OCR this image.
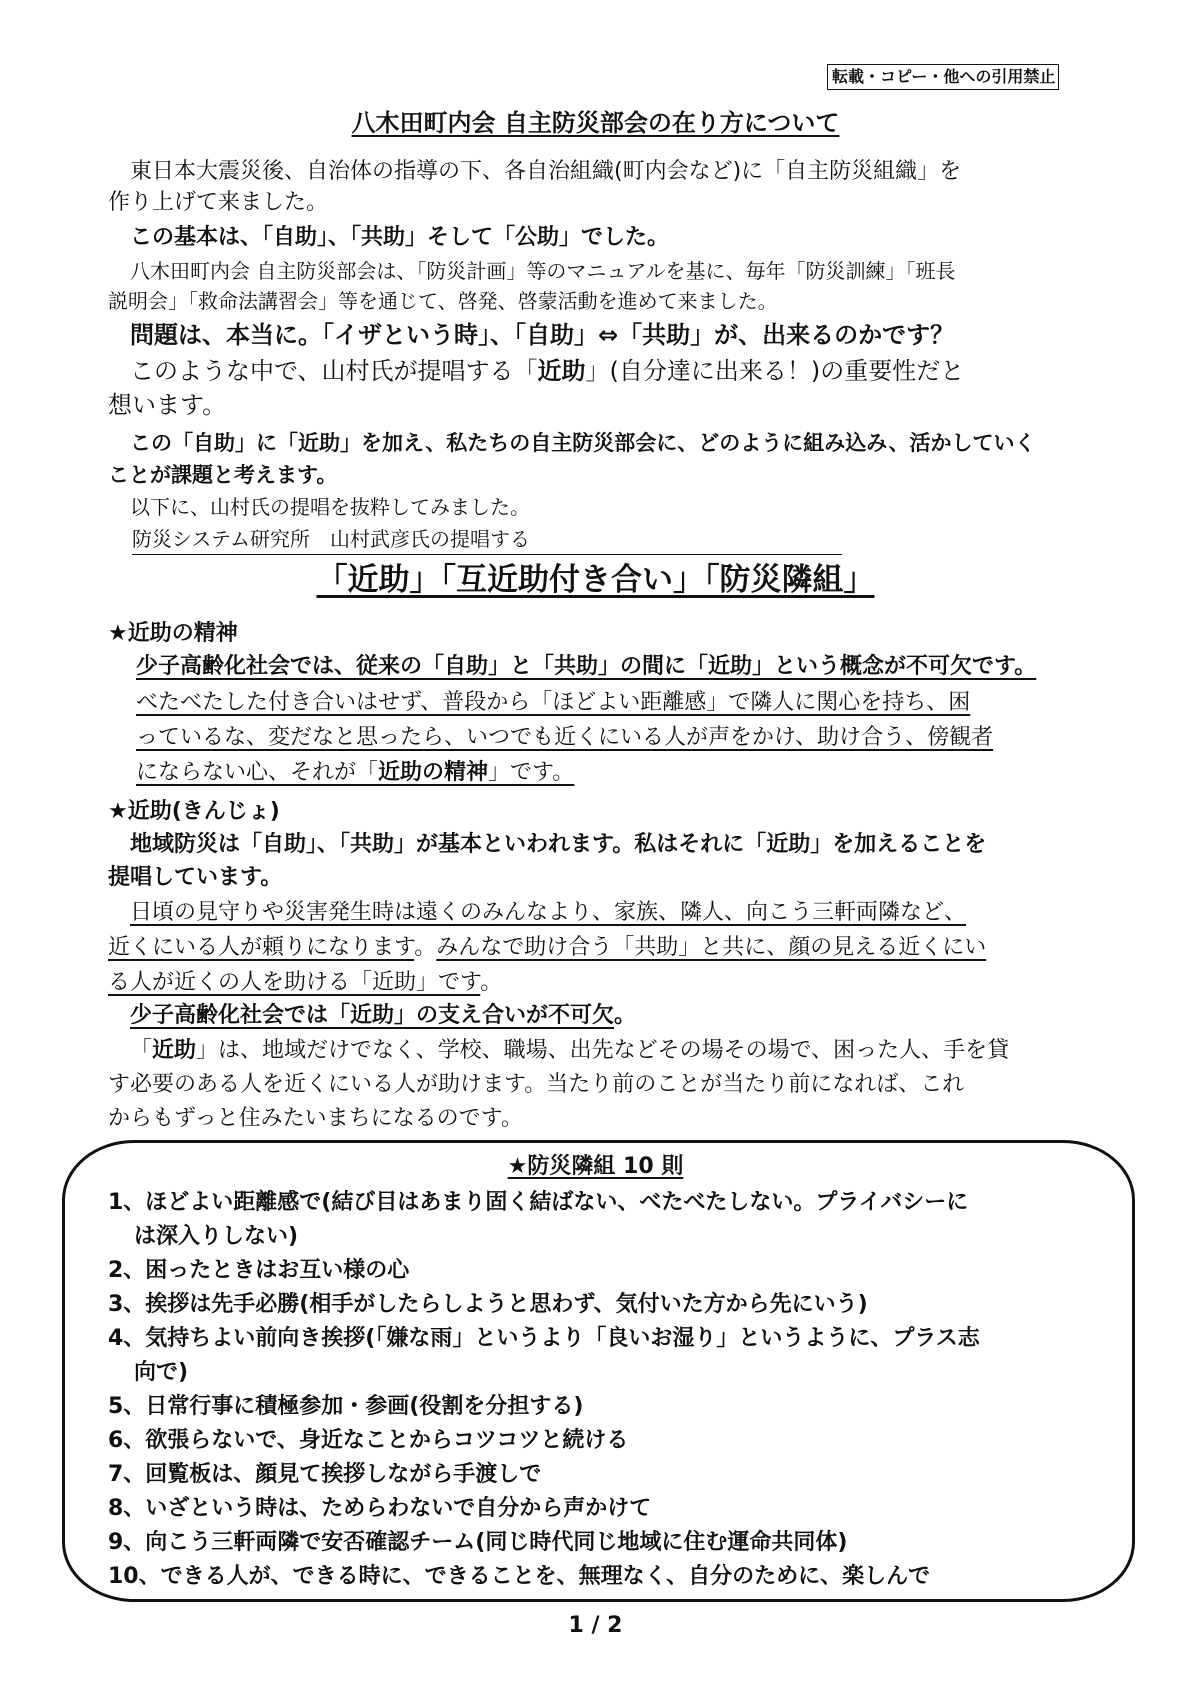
転載・コピー・他への引用禁止
八木田町内会 自主防災部会の在り方について
東日本大震災後、自治体の指導の下、各自治組織(町内会など)に「自主防災組織」を
作り上げて来ました。
この基本は、「自助」、「共助」そして「公助」でした。
八木田町内会 自主防災部会は、「防災計画」等のマニュアルを基に、毎年「防災訓練」「班長
説明会」「救命法講習会」等を通じて、啓発、啓蒙活動を進めて来ました。
問題は、本当に。「イザという時」、「自助」⇔「共助」が、出来るのかです？
このような中で、山村氏が提唱する「近助」(自分達に出来る！)の重要性だと
想います。
この「自助」に「近助」を加え、私たちの自主防災部会に、どのように組み込み、活かしていく
ことが課題と考えます。
以下に、山村氏の提唱を抜粋してみました。
防災システム研究所　山村武彦氏の提唱する
「近助」「互近助付き合い」「防災隣組」
★近助の精神
少子高齢化社会では、従来の「自助」と「共助」の間に「近助」という概念が不可欠です。
べたべたした付き合いはせず、普段から「ほどよい距離感」で隣人に関心を持ち、困
っているな、変だなと思ったら、いつでも近くにいる人が声をかけ、助け合う、傍観者
にならない心、それが「近助の精神」です。
★近助(きんじょ)
地域防災は「自助」、「共助」が基本といわれます。私はそれに「近助」を加えることを
提唱しています。
日頃の見守りや災害発生時は遠くのみんなより、家族、隣人、向こう三軒両隣など、
近くにいる人が頼りになります。みんなで助け合う「共助」と共に、顔の見える近くにい
る人が近くの人を助ける「近助」です。
少子高齢化社会では「近助」の支え合いが不可欠。
「近助」は、地域だけでなく、学校、職場、出先などその場その場で、困った人、手を貸
す必要のある人を近くにいる人が助けます。当たり前のことが当たり前になれば、これ
からもずっと住みたいまちになるのです。
★防災隣組 10 則
1、ほどよい距離感で(結び目はあまり固く結ばない、べたべたしない。プライバシーに
は深入りしない)
2、困ったときはお互い様の心
3、挨拶は先手必勝(相手がしたらしようと思わず、気付いた方から先にいう)
4、気持ちよい前向き挨拶(「嫌な雨」というより「良いお湿り」というように、プラス志
向で)
5、日常行事に積極参加・参画(役割を分担する)
6、欲張らないで、身近なことからコツコツと続ける
7、回覧板は、顔見て挨拶しながら手渡しで
8、いざという時は、ためらわないで自分から声かけて
9、向こう三軒両隣で安否確認チーム(同じ時代同じ地域に住む運命共同体)
10、できる人が、できる時に、できることを、無理なく、自分のために、楽しんで
1 / 2
